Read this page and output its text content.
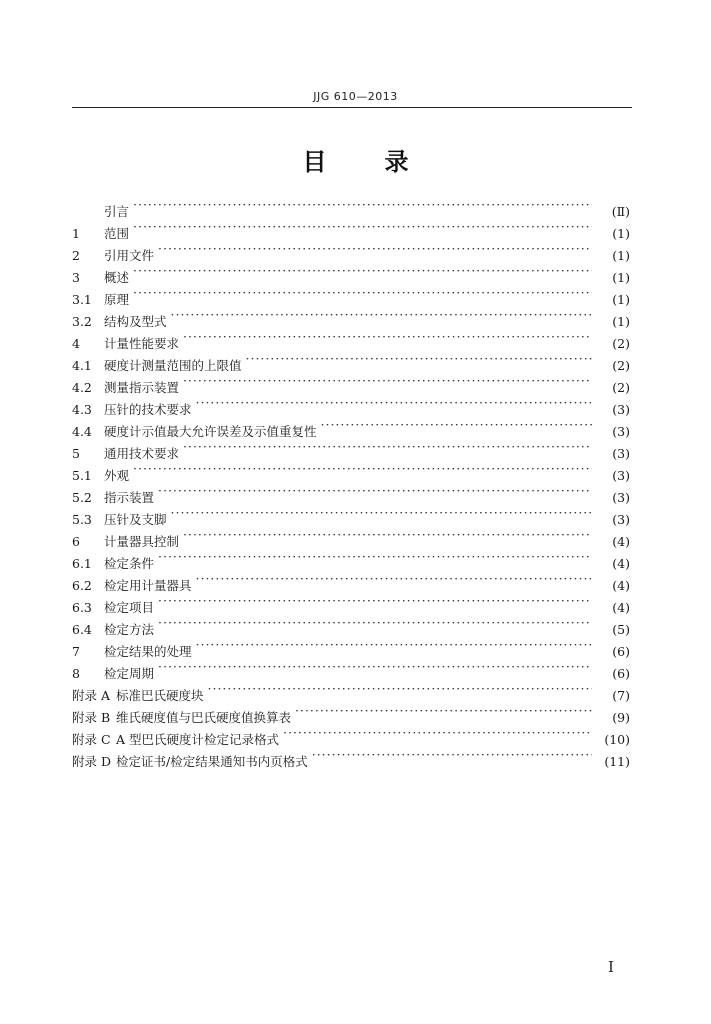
JJG 610—2013
目 录
引言 ·····	(Ⅱ)
1	范围 ·····	(1)
2	引用文件 ·····	(1)
3	概述 ·····	(1)
3.1 原理 ·····	(1)
3.2 结构及型式 ·····	(1)
4	计量性能要求 ·····	(2)
4.1 硬度计测量范围的上限值 ·····	(2)
4.2 测量指示装置 ·····	(2)
4.3 压针的技术要求 ·····	(3)
4.4 硬度计示值最大允许误差及示值重复性 ·····	(3)
5	通用技术要求 ·····	(3)
5.1 外观 ·····	(3)
5.2 指示装置 ·····	(3)
5.3 压针及支脚 ·····	(3)
6	计量器具控制 ·····	(4)
6.1 检定条件 ·····	(4)
6.2 检定用计量器具 ·····	(4)
6.3 检定项目 ·····	(4)
6.4 检定方法 ·····	(5)
7	检定结果的处理 ·····	(6)
8	检定周期 ·····	(6)
附录 A 标准巴氏硬度块 ·····	(7)
附录 B 维氏硬度值与巴氏硬度值换算表 ·····	(9)
附录 C A 型巴氏硬度计检定记录格式 ·····	(10)
附录 D 检定证书/检定结果通知书内页格式 ·····	(11)
I
